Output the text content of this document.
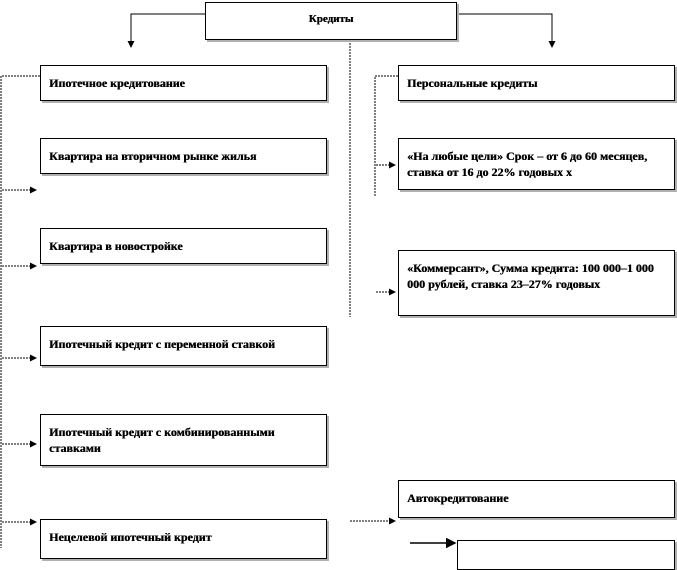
Кредиты
Ипотечное кредитование
Квартира на вторичном рынке жилья
Квартира в новостройке
Ипотечный кредит с переменной ставкой
Ипотечный кредит с комбинированными ставками
Нецелевой ипотечный кредит
Персональные кредиты
«На любые цели» Срок – от 6 до 60 месяцев, ставка от 16 до 22% годовых х
«Коммерсант», Сумма кредита: 100 000–1 000 000 рублей, ставка 23–27% годовых
Автокредитование
